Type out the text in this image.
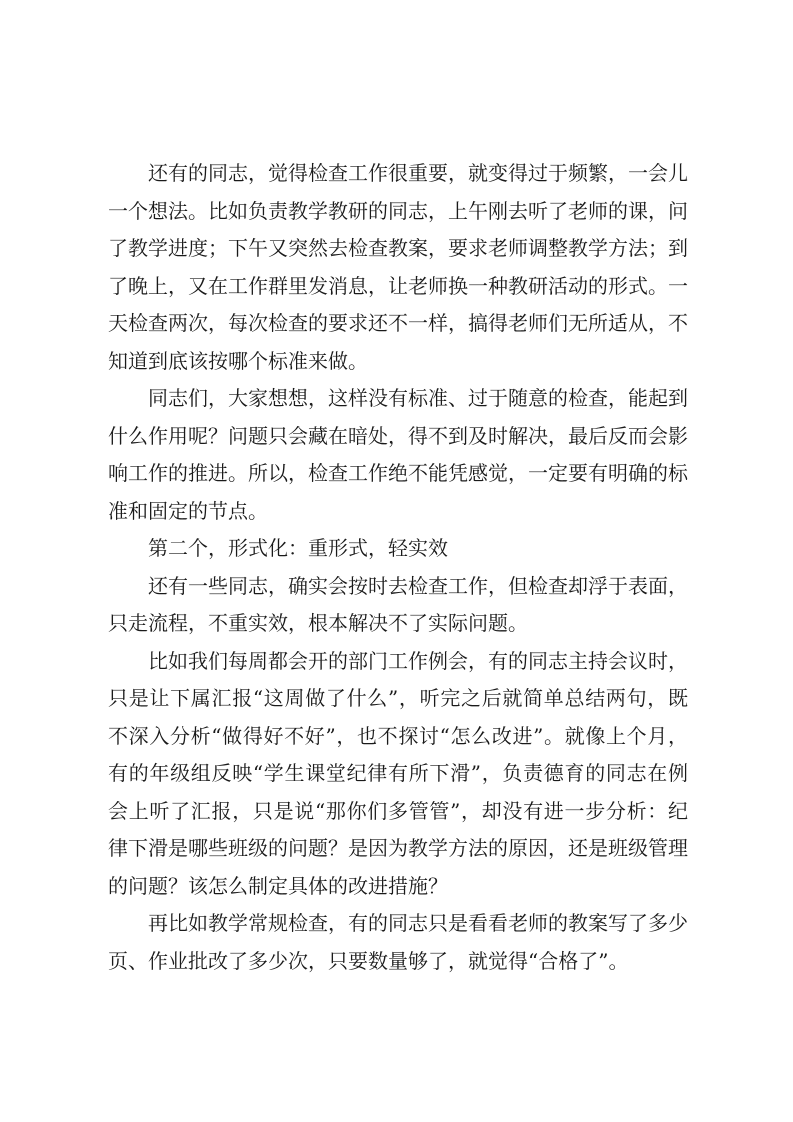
还有的同志，觉得检查工作很重要，就变得过于频繁，一会儿一个想法。比如负责教学教研的同志，上午刚去听了老师的课，问了教学进度；下午又突然去检查教案，要求老师调整教学方法；到了晚上，又在工作群里发消息，让老师换一种教研活动的形式。一天检查两次，每次检查的要求还不一样，搞得老师们无所适从，不知道到底该按哪个标准来做。

同志们，大家想想，这样没有标准、过于随意的检查，能起到什么作用呢？问题只会藏在暗处，得不到及时解决，最后反而会影响工作的推进。所以，检查工作绝不能凭感觉，一定要有明确的标准和固定的节点。

第二个，形式化：重形式，轻实效

还有一些同志，确实会按时去检查工作，但检查却浮于表面，只走流程，不重实效，根本解决不了实际问题。

比如我们每周都会开的部门工作例会，有的同志主持会议时，只是让下属汇报“这周做了什么”，听完之后就简单总结两句，既不深入分析“做得好不好”，也不探讨“怎么改进”。就像上个月，有的年级组反映“学生课堂纪律有所下滑”，负责德育的同志在例会上听了汇报，只是说“那你们多管管”，却没有进一步分析：纪律下滑是哪些班级的问题？是因为教学方法的原因，还是班级管理的问题？该怎么制定具体的改进措施？

再比如教学常规检查，有的同志只是看看老师的教案写了多少页、作业批改了多少次，只要数量够了，就觉得“合格了”。
